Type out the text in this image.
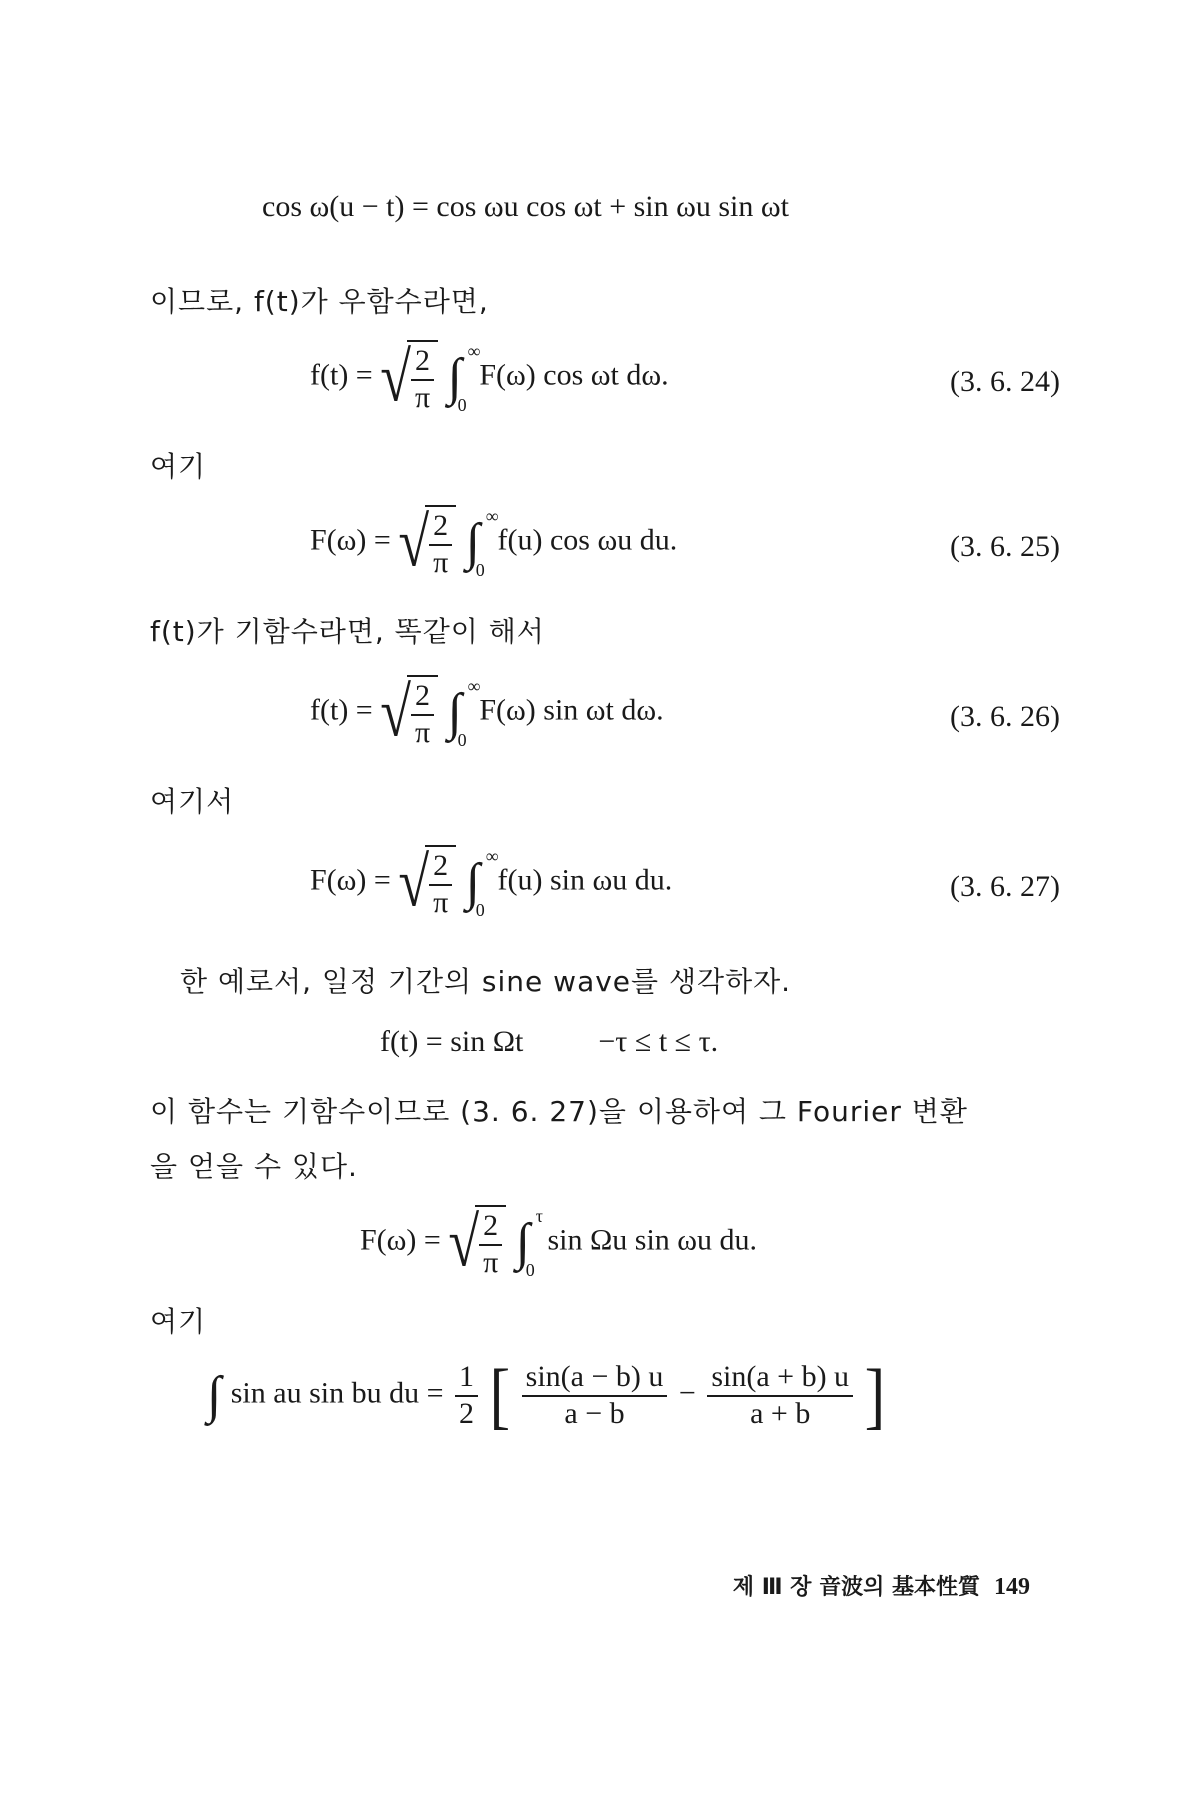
cos ω(u − t) = cos ωu cos ωt + sin ωu sin ωt
이므로, f(t)가 우함수라면,
f(t) = √ $\frac{2}{\pi}$ ∫ ∞
0
F(ω) cos ωt dω.	(3. 6. 24)
여기
F(ω) = √ $\frac{2}{\pi}$ ∫ ∞
0
f(u) cos ωu du.	(3. 6. 25)
f(t)가 기함수라면, 똑같이 해서
f(t) = √ $\frac{2}{\pi}$ ∫ ∞
0
F(ω) sin ωt dω.	(3. 6. 26)
여기서
F(ω) = √ $\frac{2}{\pi}$ ∫ ∞
0
f(u) sin ωu du.	(3. 6. 27)
한 예로서, 일정 기간의 sine wave를 생각하자.
f(t) = sin Ωt	−τ ≤ t ≤ τ.
이 함수는 기함수이므로 (3. 6. 27)을 이용하여 그 Fourier 변환
을 얻을 수 있다.
F(ω) = √ $\frac{2}{\pi}$ ∫ τ
0
sin Ωu sin ωu du.
여기
∫ sin au sin bu du = $\frac{1}{2}$ [ $\frac{\sin(a - b) u}{a - b} - \frac{\sin(a + b) u}{a + b}$ ]
제 Ⅲ 장 音波의 基本性質 149
